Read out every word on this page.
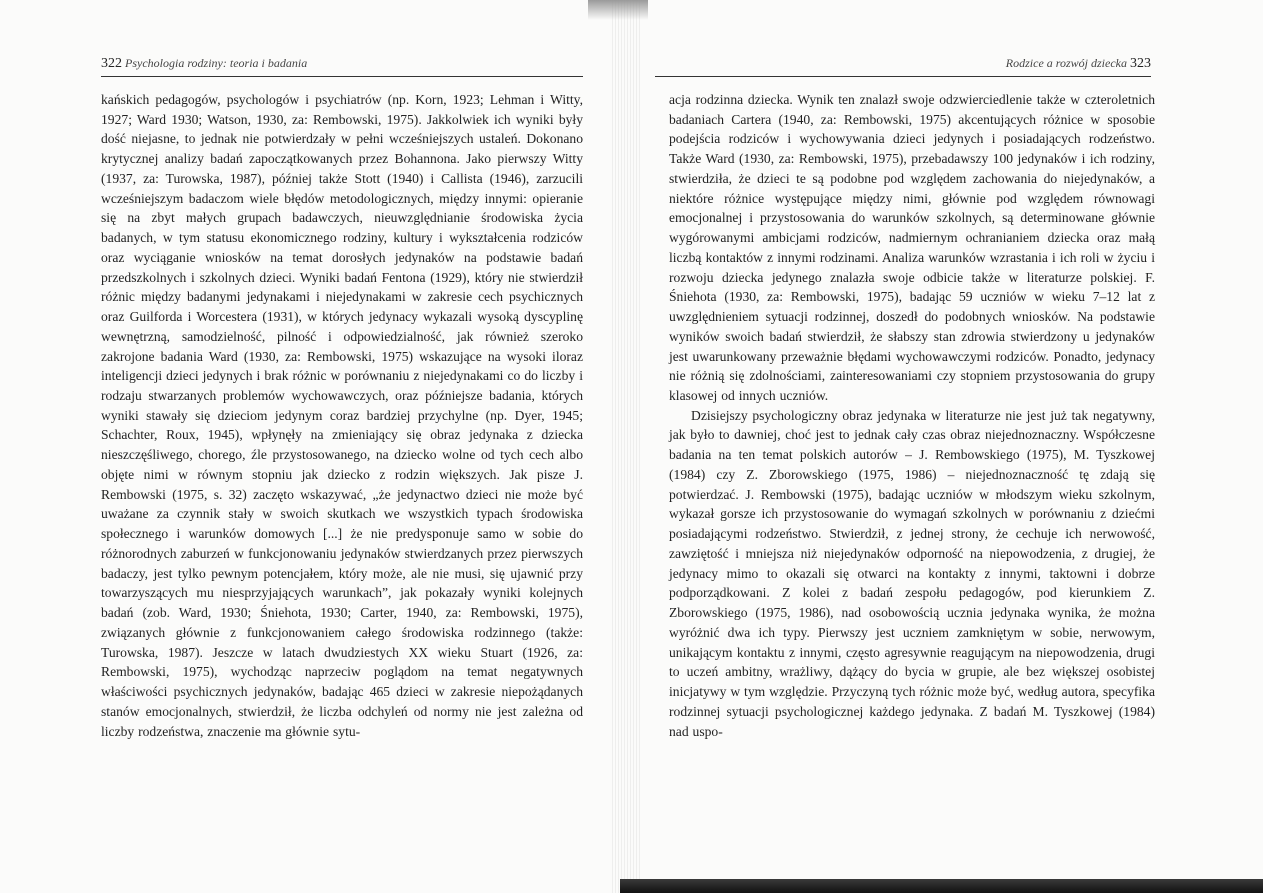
322 Psychologia rodziny: teoria i badania

kańskich pedagogów, psychologów i psychiatrów (np. Korn, 1923; Lehman i Witty, 1927; Ward 1930; Watson, 1930, za: Rembowski, 1975). Jakkolwiek ich wyniki były dość niejasne, to jednak nie potwierdzały w pełni wcześniejszych ustaleń. Dokonano krytycznej analizy badań zapoczątkowanych przez Bohannona. Jako pierwszy Witty (1937, za: Turowska, 1987), później także Stott (1940) i Callista (1946), zarzucili wcześniejszym badaczom wiele błędów metodologicznych, między innymi: opieranie się na zbyt małych grupach badawczych, nieuwzględnianie środowiska życia badanych, w tym statusu ekonomicznego rodziny, kultury i wykształcenia rodziców oraz wyciąganie wniosków na temat dorosłych jedynaków na podstawie badań przedszkolnych i szkolnych dzieci. Wyniki badań Fentona (1929), który nie stwierdził różnic między badanymi jedynakami i niejedynakami w zakresie cech psychicznych oraz Guilforda i Worcestera (1931), w których jedynacy wykazali wysoką dyscyplinę wewnętrzną, samodzielność, pilność i odpowiedzialność, jak również szeroko zakrojone badania Ward (1930, za: Rembowski, 1975) wskazujące na wysoki iloraz inteligencji dzieci jedynych i brak różnic w porównaniu z niejedynakami co do liczby i rodzaju stwarzanych problemów wychowawczych, oraz późniejsze badania, których wyniki stawały się dzieciom jedynym coraz bardziej przychylne (np. Dyer, 1945; Schachter, Roux, 1945), wpłynęły na zmieniający się obraz jedynaka z dziecka nieszczęśliwego, chorego, źle przystosowanego, na dziecko wolne od tych cech albo objęte nimi w równym stopniu jak dziecko z rodzin większych. Jak pisze J. Rembowski (1975, s. 32) zaczęto wskazywać, „że jedynactwo dzieci nie może być uważane za czynnik stały w swoich skutkach we wszystkich typach środowiska społecznego i warunków domowych [...] że nie predysponuje samo w sobie do różnorodnych zaburzeń w funkcjonowaniu jedynaków stwierdzanych przez pierwszych badaczy, jest tylko pewnym potencjałem, który może, ale nie musi, się ujawnić przy towarzyszących mu niesprzyjających warunkach”, jak pokazały wyniki kolejnych badań (zob. Ward, 1930; Śniehota, 1930; Carter, 1940, za: Rembowski, 1975), związanych głównie z funkcjonowaniem całego środowiska rodzinnego (także: Turowska, 1987). Jeszcze w latach dwudziestych XX wieku Stuart (1926, za: Rembowski, 1975), wychodząc naprzeciw poglądom na temat negatywnych właściwości psychicznych jedynaków, badając 465 dzieci w zakresie niepożądanych stanów emocjonalnych, stwierdził, że liczba odchyleń od normy nie jest zależna od liczby rodzeństwa, znaczenie ma głównie sytu-

Rodzice a rozwój dziecka 323

acja rodzinna dziecka. Wynik ten znalazł swoje odzwierciedlenie także w czteroletnich badaniach Cartera (1940, za: Rembowski, 1975) akcentujących różnice w sposobie podejścia rodziców i wychowywania dzieci jedynych i posiadających rodzeństwo. Także Ward (1930, za: Rembowski, 1975), przebadawszy 100 jedynaków i ich rodziny, stwierdziła, że dzieci te są podobne pod względem zachowania do niejedynaków, a niektóre różnice występujące między nimi, głównie pod względem równowagi emocjonalnej i przystosowania do warunków szkolnych, są determinowane głównie wygórowanymi ambicjami rodziców, nadmiernym ochranianiem dziecka oraz małą liczbą kontaktów z innymi rodzinami. Analiza warunków wzrastania i ich roli w życiu i rozwoju dziecka jedynego znalazła swoje odbicie także w literaturze polskiej. F. Śniehota (1930, za: Rembowski, 1975), badając 59 uczniów w wieku 7–12 lat z uwzględnieniem sytuacji rodzinnej, doszedł do podobnych wniosków. Na podstawie wyników swoich badań stwierdził, że słabszy stan zdrowia stwierdzony u jedynaków jest uwarunkowany przeważnie błędami wychowawczymi rodziców. Ponadto, jedynacy nie różnią się zdolnościami, zainteresowaniami czy stopniem przystosowania do grupy klasowej od innych uczniów.

Dzisiejszy psychologiczny obraz jedynaka w literaturze nie jest już tak negatywny, jak było to dawniej, choć jest to jednak cały czas obraz niejednoznaczny. Współczesne badania na ten temat polskich autorów – J. Rembowskiego (1975), M. Tyszkowej (1984) czy Z. Zborowskiego (1975, 1986) – niejednoznaczność tę zdają się potwierdzać. J. Rembowski (1975), badając uczniów w młodszym wieku szkolnym, wykazał gorsze ich przystosowanie do wymagań szkolnych w porównaniu z dziećmi posiadającymi rodzeństwo. Stwierdził, z jednej strony, że cechuje ich nerwowość, zawziętość i mniejsza niż niejedynaków odporność na niepowodzenia, z drugiej, że jedynacy mimo to okazali się otwarci na kontakty z innymi, taktowni i dobrze podporządkowani. Z kolei z badań zespołu pedagogów, pod kierunkiem Z. Zborowskiego (1975, 1986), nad osobowością ucznia jedynaka wynika, że można wyróżnić dwa ich typy. Pierwszy jest uczniem zamkniętym w sobie, nerwowym, unikającym kontaktu z innymi, często agresywnie reagującym na niepowodzenia, drugi to uczeń ambitny, wrażliwy, dążący do bycia w grupie, ale bez większej osobistej inicjatywy w tym względzie. Przyczyną tych różnic może być, według autora, specyfika rodzinnej sytuacji psychologicznej każdego jedynaka. Z badań M. Tyszkowej (1984) nad uspo-
